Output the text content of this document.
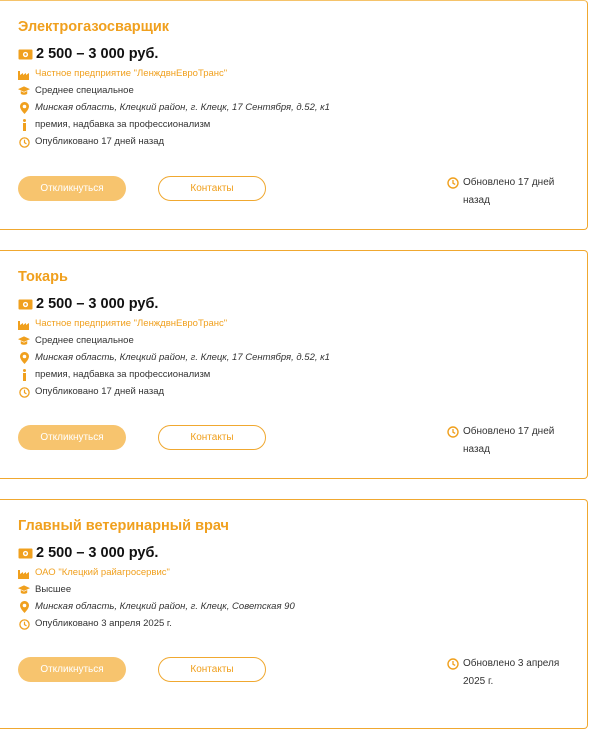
Электрогазосварщик
2 500 – 3 000 руб.
Частное предприятие "ЛенждвнЕвроТранс"
Среднее специальное
Минская область, Клецкий район, г. Клецк, 17 Сентября, д.52, к1
премия, надбавка за профессионализм
Опубликовано 17 дней назад
Откликнуться	Контакты
Обновлено 17 дней
назад
Токарь
2 500 – 3 000 руб.
Частное предприятие "ЛенждвнЕвроТранс"
Среднее специальное
Минская область, Клецкий район, г. Клецк, 17 Сентября, д.52, к1
премия, надбавка за профессионализм
Опубликовано 17 дней назад
Откликнуться	Контакты
Обновлено 17 дней
назад
Главный ветеринарный врач
2 500 – 3 000 руб.
ОАО "Клецкий райагросервис"
Высшее
Минская область, Клецкий район, г. Клецк, Советская 90
Опубликовано 3 апреля 2025 г.
Откликнуться	Контакты
Обновлено 3 апреля
2025 г.
